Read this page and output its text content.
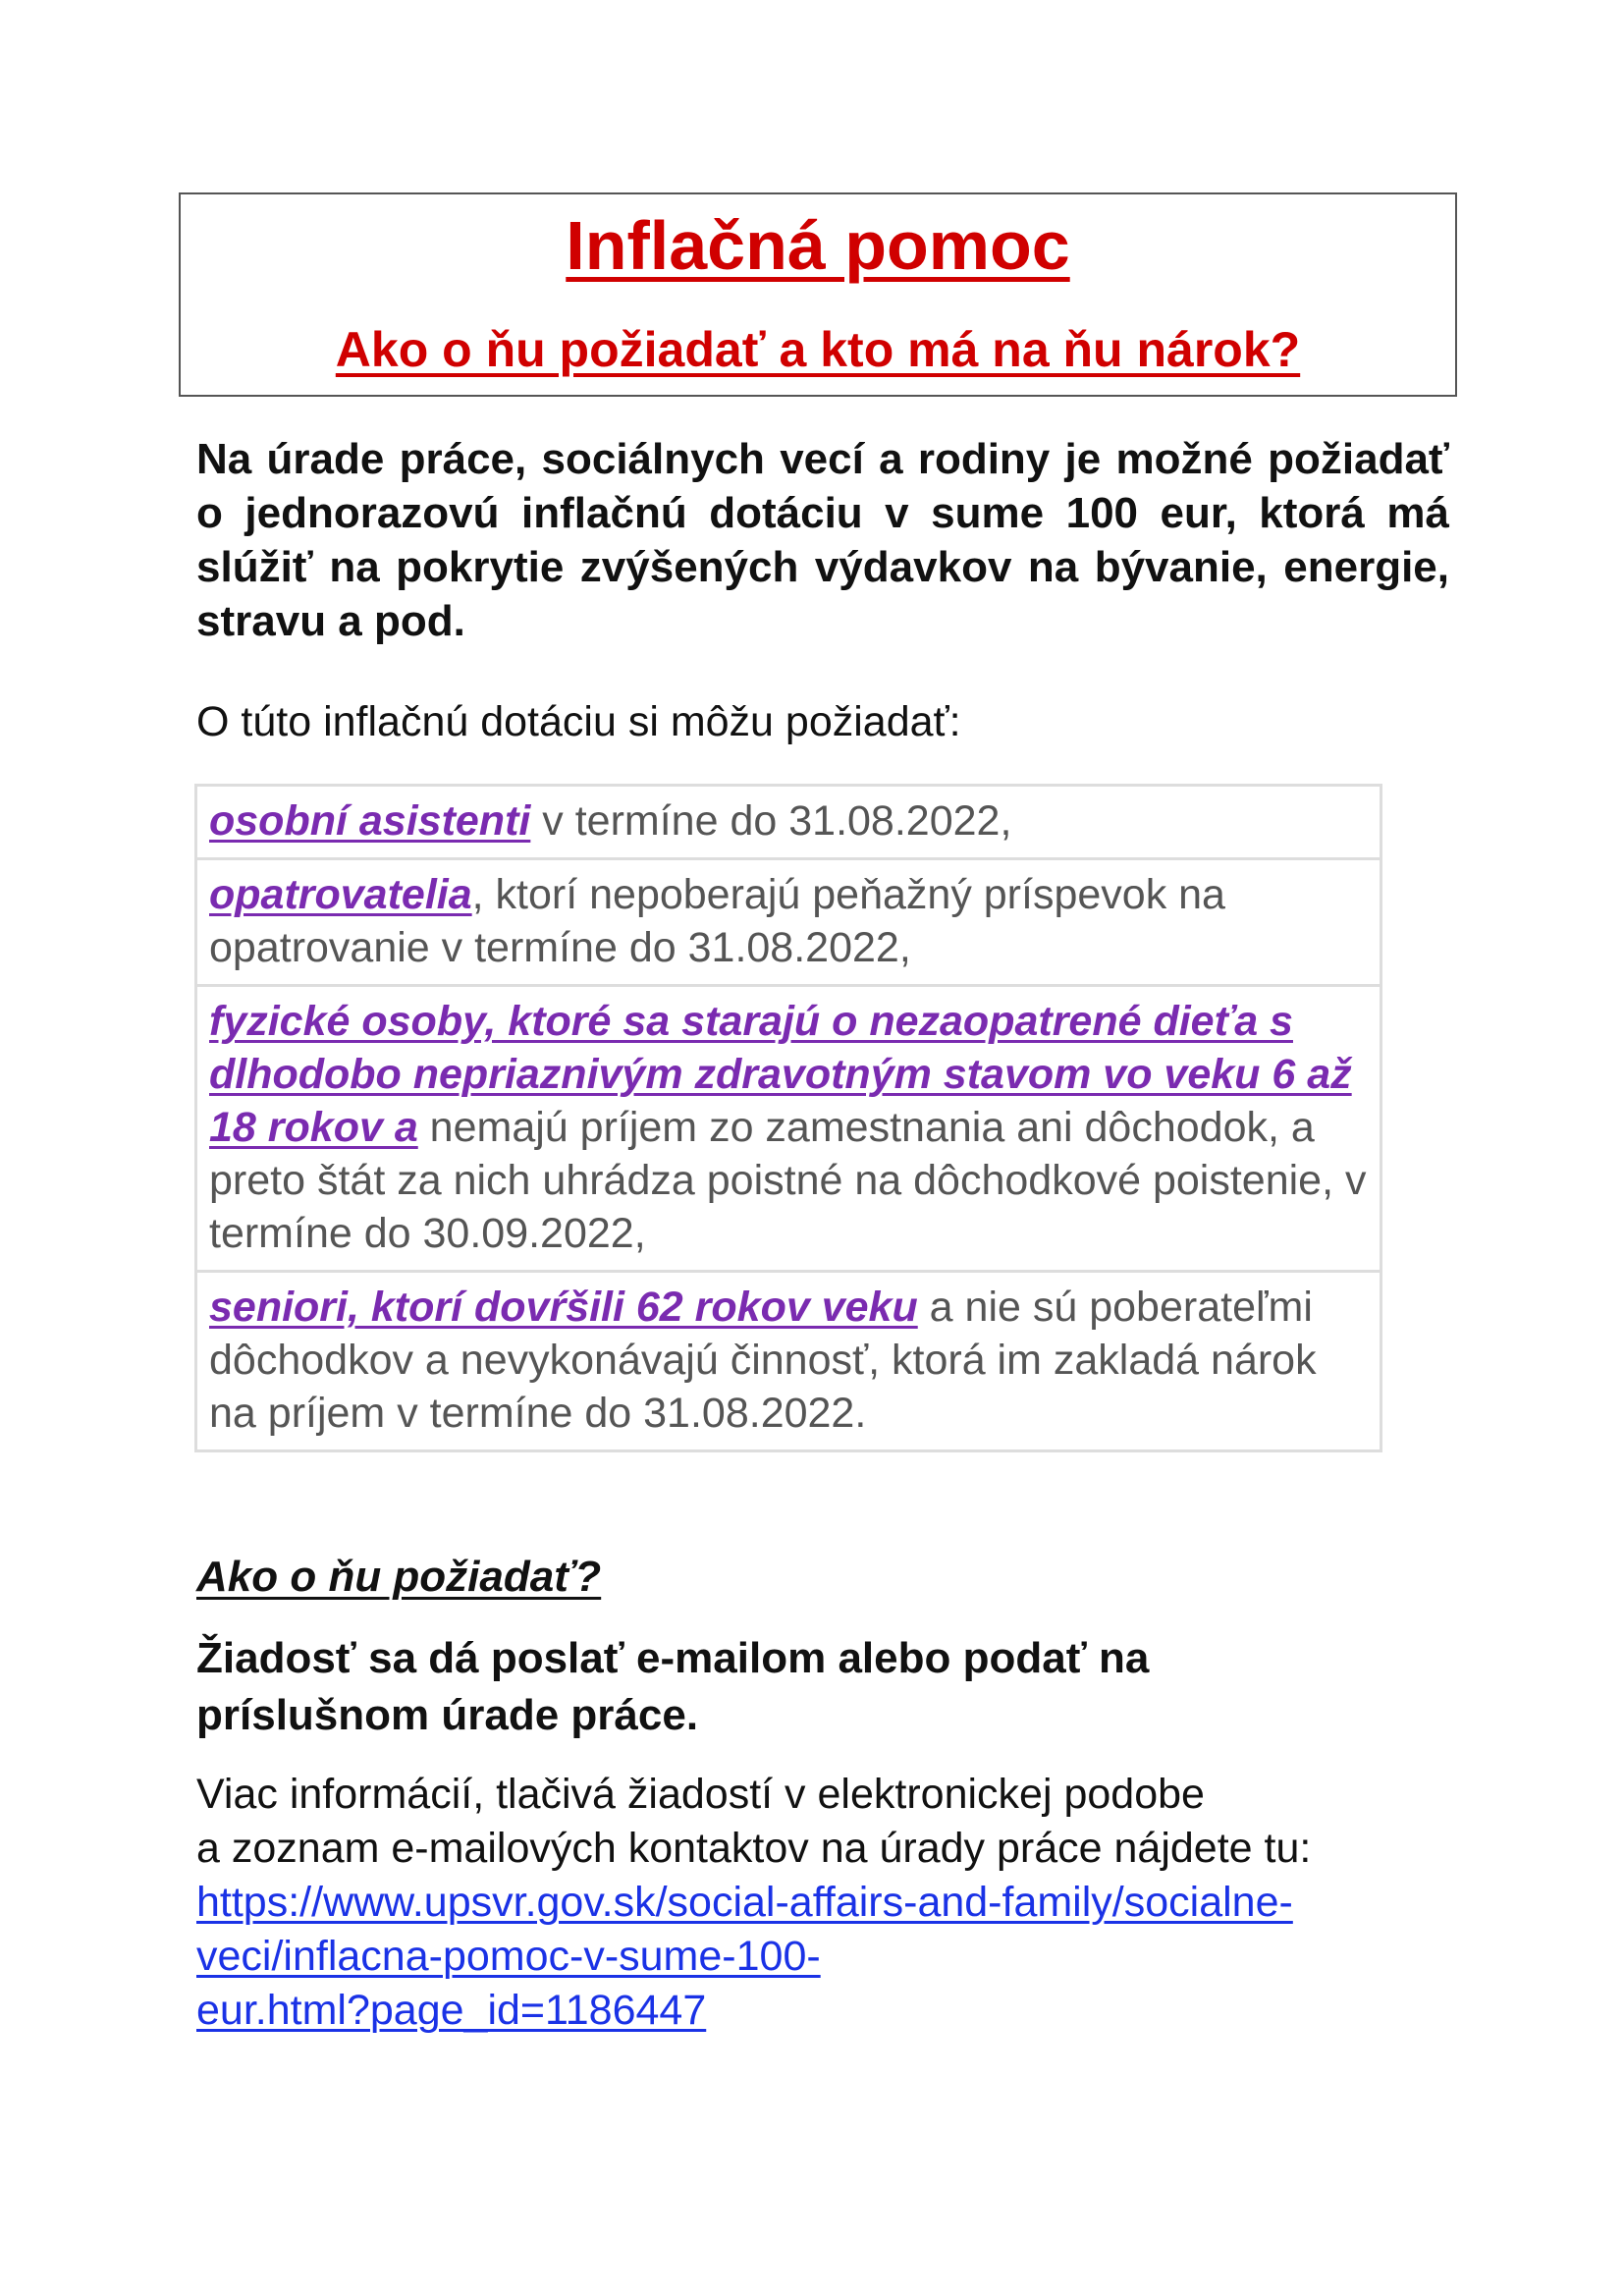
Inflačná pomoc
Ako o ňu požiadať a kto má na ňu nárok?

Na úrade práce, sociálnych vecí a rodiny je možné požiadať o jednorazovú inflačnú dotáciu v sume 100 eur, ktorá má slúžiť na pokrytie zvýšených výdavkov na bývanie, energie, stravu a pod.

O túto inflačnú dotáciu si môžu požiadať:

osobní asistenti v termíne do 31.08.2022,
opatrovatelia, ktorí nepoberajú peňažný príspevok na opatrovanie v termíne do 31.08.2022,
fyzické osoby, ktoré sa starajú o nezaopatrené dieťa s dlhodobo nepriaznivým zdravotným stavom vo veku 6 až 18 rokov a nemajú príjem zo zamestnania ani dôchodok, a preto štát za nich uhrádza poistné na dôchodkové poistenie, v termíne do 30.09.2022,
seniori, ktorí dovŕšili 62 rokov veku a nie sú poberateľmi dôchodkov a nevykonávajú činnosť, ktorá im zakladá nárok na príjem v termíne do 31.08.2022.
Ako o ňu požiadať?

Žiadosť sa dá poslať e-mailom alebo podať na príslušnom úrade práce.

Viac informácií, tlačivá žiadostí v elektronickej podobe
a zoznam e-mailových kontaktov na úrady práce nájdete tu:
https://www.upsvr.gov.sk/social-affairs-and-family/socialne-
veci/inflacna-pomoc-v-sume-100-
eur.html?page_id=1186447
